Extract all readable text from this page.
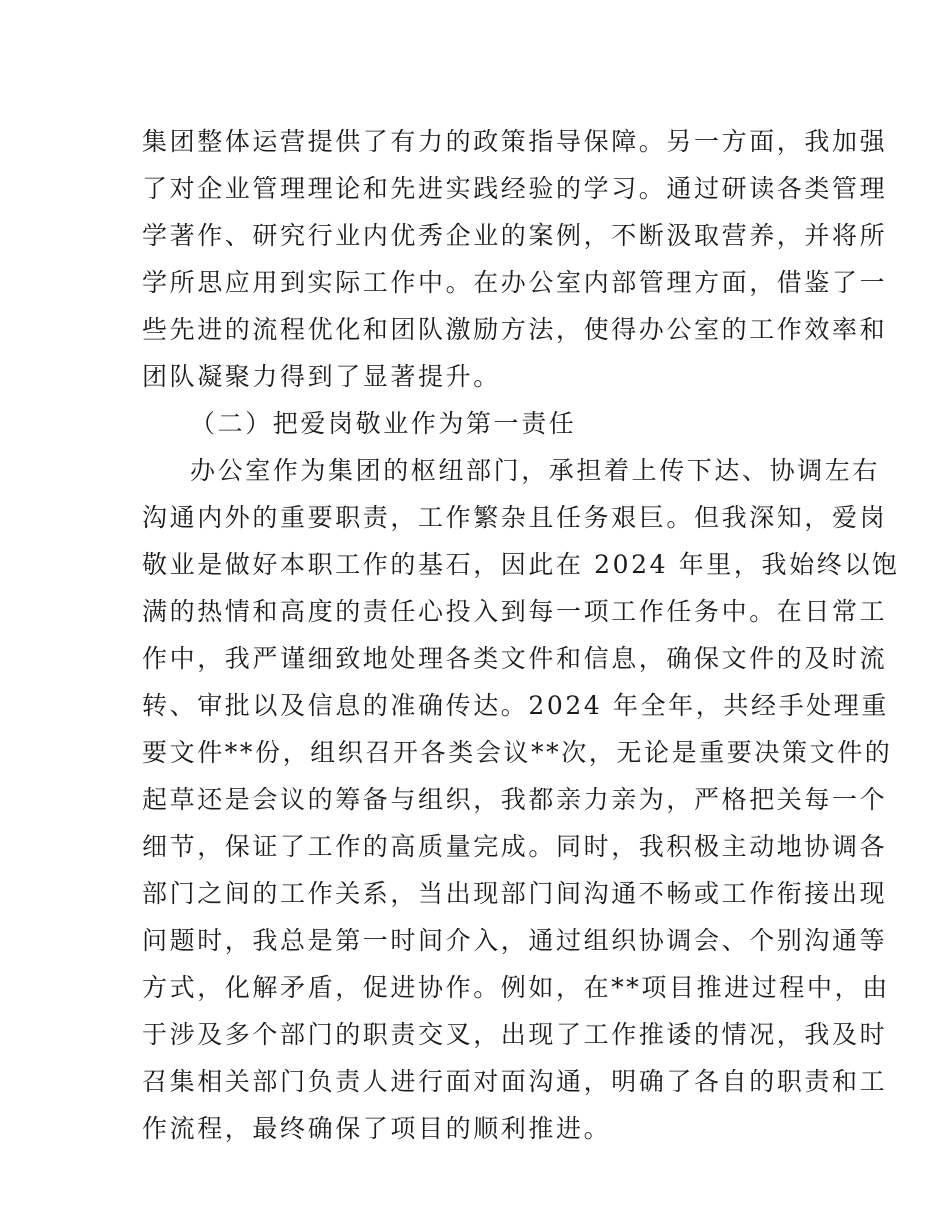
集团整体运营提供了有力的政策指导保障。另一方面，我加强
了对企业管理理论和先进实践经验的学习。通过研读各类管理
学著作、研究行业内优秀企业的案例，不断汲取营养，并将所
学所思应用到实际工作中。在办公室内部管理方面，借鉴了一
些先进的流程优化和团队激励方法，使得办公室的工作效率和
团队凝聚力得到了显著提升。
（二）把爱岗敬业作为第一责任
办公室作为集团的枢纽部门，承担着上传下达、协调左右
沟通内外的重要职责，工作繁杂且任务艰巨。但我深知，爱岗
敬业是做好本职工作的基石，因此在 2024 年里，我始终以饱
满的热情和高度的责任心投入到每一项工作任务中。在日常工
作中，我严谨细致地处理各类文件和信息，确保文件的及时流
转、审批以及信息的准确传达。2024 年全年，共经手处理重
要文件**份，组织召开各类会议**次，无论是重要决策文件的
起草还是会议的筹备与组织，我都亲力亲为，严格把关每一个
细节，保证了工作的高质量完成。同时，我积极主动地协调各
部门之间的工作关系，当出现部门间沟通不畅或工作衔接出现
问题时，我总是第一时间介入，通过组织协调会、个别沟通等
方式，化解矛盾，促进协作。例如，在**项目推进过程中，由
于涉及多个部门的职责交叉，出现了工作推诿的情况，我及时
召集相关部门负责人进行面对面沟通，明确了各自的职责和工
作流程，最终确保了项目的顺利推进。
